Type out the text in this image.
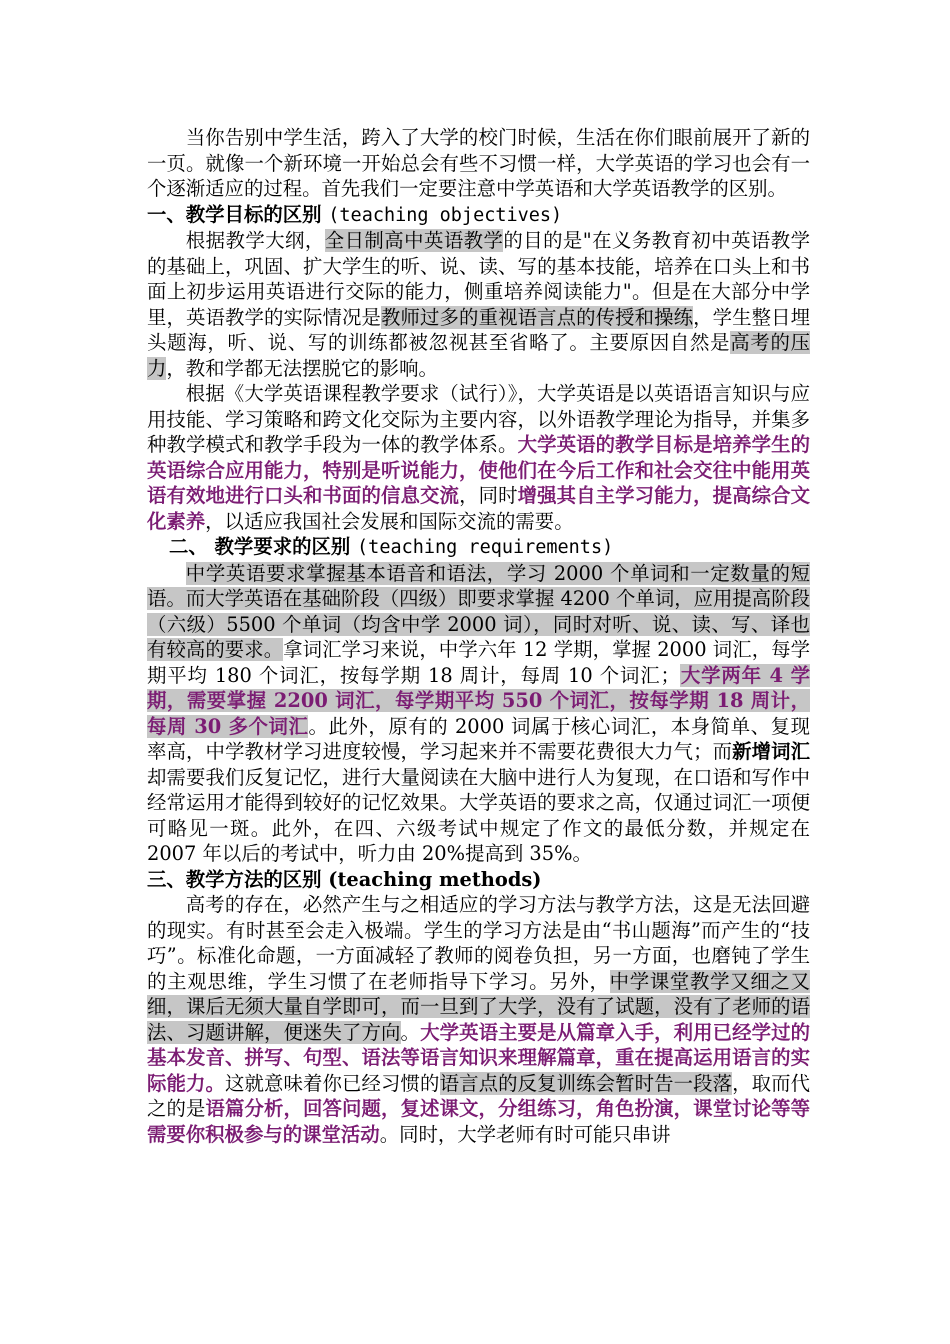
当你告别中学生活，跨入了大学的校门时候，生活在你们眼前展开了新的一页。就像一个新环境一开始总会有些不习惯一样，大学英语的学习也会有一个逐渐适应的过程。首先我们一定要注意中学英语和大学英语教学的区别。

一、教学目标的区别 (teaching objectives)

根据教学大纲，全日制高中英语教学的目的是"在义务教育初中英语教学的基础上，巩固、扩大学生的听、说、读、写的基本技能，培养在口头上和书面上初步运用英语进行交际的能力，侧重培养阅读能力"。但是在大部分中学里，英语教学的实际情况是教师过多的重视语言点的传授和操练，学生整日埋头题海，听、说、写的训练都被忽视甚至省略了。主要原因自然是高考的压力，教和学都无法摆脱它的影响。

根据《大学英语课程教学要求（试行）》，大学英语是以英语语言知识与应用技能、学习策略和跨文化交际为主要内容，以外语教学理论为指导，并集多种教学模式和教学手段为一体的教学体系。大学英语的教学目标是培养学生的英语综合应用能力，特别是听说能力，使他们在今后工作和社会交往中能用英语有效地进行口头和书面的信息交流，同时增强其自主学习能力，提高综合文化素养，以适应我国社会发展和国际交流的需要。

二、 教学要求的区别 (teaching requirements)

中学英语要求掌握基本语音和语法，学习 2000 个单词和一定数量的短语。而大学英语在基础阶段（四级）即要求掌握 4200 个单词，应用提高阶段（六级）5500 个单词（均含中学 2000 词），同时对听、说、读、写、译也有较高的要求。拿词汇学习来说，中学六年 12 学期，掌握 2000 词汇，每学期平均 180 个词汇，按每学期 18 周计，每周 10 个词汇；大学两年 4 学期，需要掌握 2200 词汇，每学期平均 550 个词汇，按每学期 18 周计，每周 30 多个词汇。此外，原有的 2000 词属于核心词汇，本身简单、复现率高，中学教材学习进度较慢，学习起来并不需要花费很大力气；而新增词汇却需要我们反复记忆，进行大量阅读在大脑中进行人为复现，在口语和写作中经常运用才能得到较好的记忆效果。大学英语的要求之高，仅通过词汇一项便可略见一斑。此外，在四、六级考试中规定了作文的最低分数，并规定在 2007 年以后的考试中，听力由 20%提高到 35%。

三、教学方法的区别 (teaching methods)

高考的存在，必然产生与之相适应的学习方法与教学方法，这是无法回避的现实。有时甚至会走入极端。学生的学习方法是由“书山题海”而产生的“技巧”。标准化命题，一方面减轻了教师的阅卷负担，另一方面，也磨钝了学生的主观思维，学生习惯了在老师指导下学习。另外，中学课堂教学又细之又细，课后无须大量自学即可，而一旦到了大学，没有了试题，没有了老师的语法、习题讲解，便迷失了方向。大学英语主要是从篇章入手，利用已经学过的基本发音、拼写、句型、语法等语言知识来理解篇章，重在提高运用语言的实际能力。这就意味着你已经习惯的语言点的反复训练会暂时告一段落，取而代之的是语篇分析，回答问题，复述课文，分组练习，角色扮演，课堂讨论等等需要你积极参与的课堂活动。同时，大学老师有时可能只串讲
